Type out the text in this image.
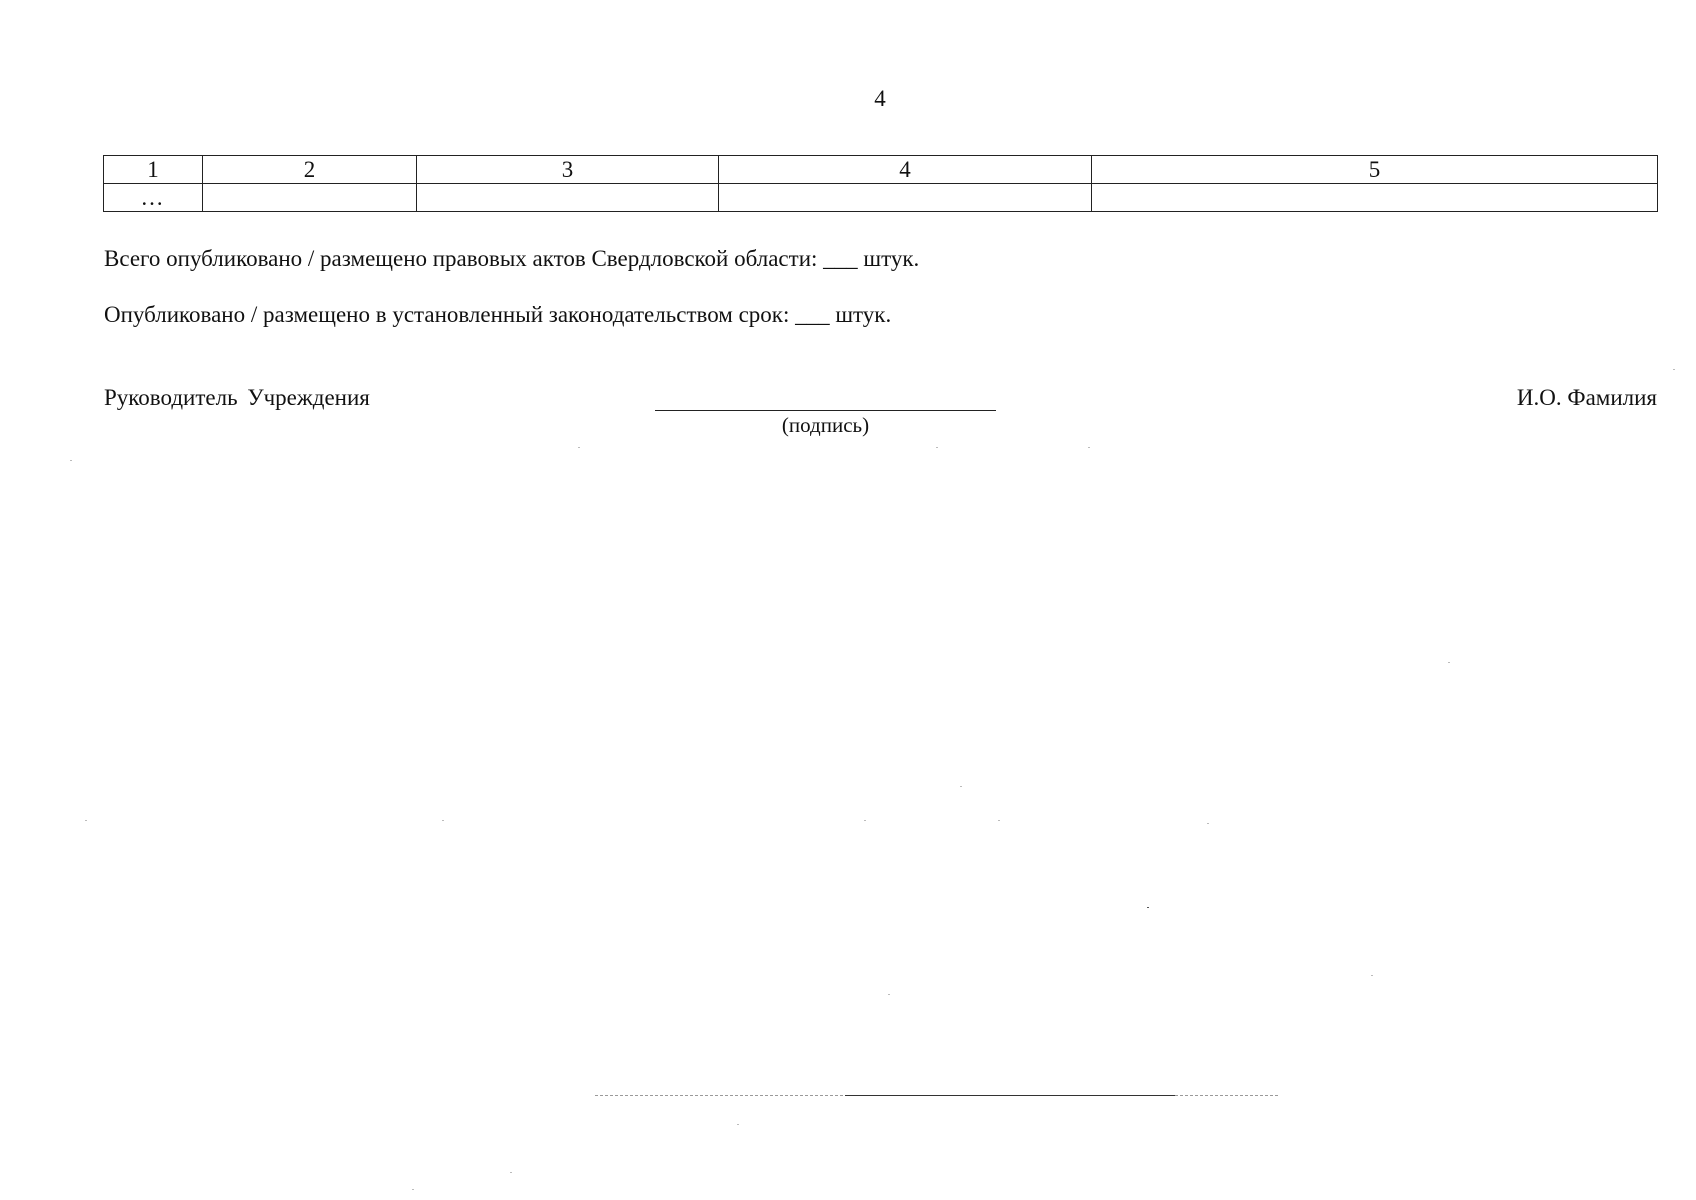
4
1	2	3	4	5
…				
Всего опубликовано / размещено правовых актов Свердловской области: ___ штук.
Опубликовано / размещено в установленный законодательством срок: ___ штук.
Руководитель Учреждения
(подпись)
И.О. Фамилия
